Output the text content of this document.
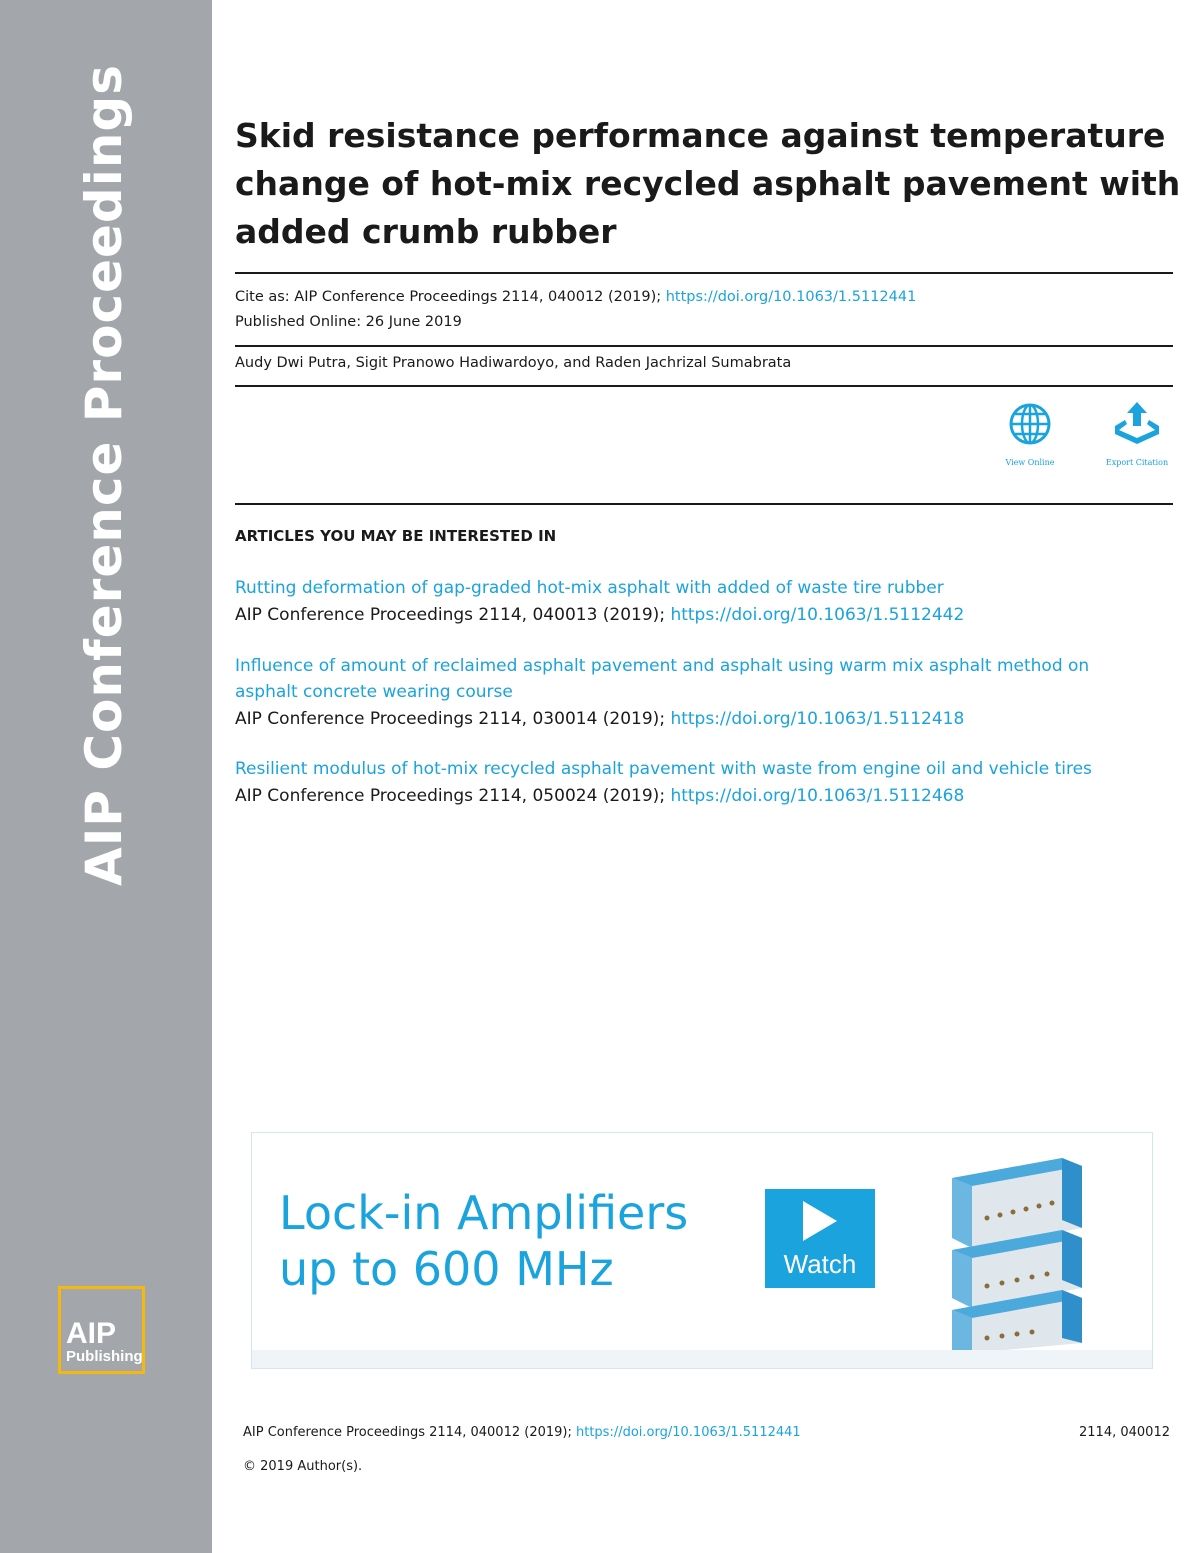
AIP Conference Proceedings
AIP
Publishing
Skid resistance performance against temperature change of hot-mix recycled asphalt pavement with added crumb rubber
Cite as: AIP Conference Proceedings 2114, 040012 (2019); https://doi.org/10.1063/1.5112441
Published Online: 26 June 2019
Audy Dwi Putra, Sigit Pranowo Hadiwardoyo, and Raden Jachrizal Sumabrata
View Online	Export Citation
ARTICLES YOU MAY BE INTERESTED IN
Rutting deformation of gap-graded hot-mix asphalt with added of waste tire rubber
AIP Conference Proceedings 2114, 040013 (2019); https://doi.org/10.1063/1.5112442
Influence of amount of reclaimed asphalt pavement and asphalt using warm mix asphalt method on asphalt concrete wearing course
AIP Conference Proceedings 2114, 030014 (2019); https://doi.org/10.1063/1.5112418
Resilient modulus of hot-mix recycled asphalt pavement with waste from engine oil and vehicle tires
AIP Conference Proceedings 2114, 050024 (2019); https://doi.org/10.1063/1.5112468
Lock-in Amplifiers
up to 600 MHz	Watch
AIP Conference Proceedings 2114, 040012 (2019); https://doi.org/10.1063/1.5112441	2114, 040012
© 2019 Author(s).
